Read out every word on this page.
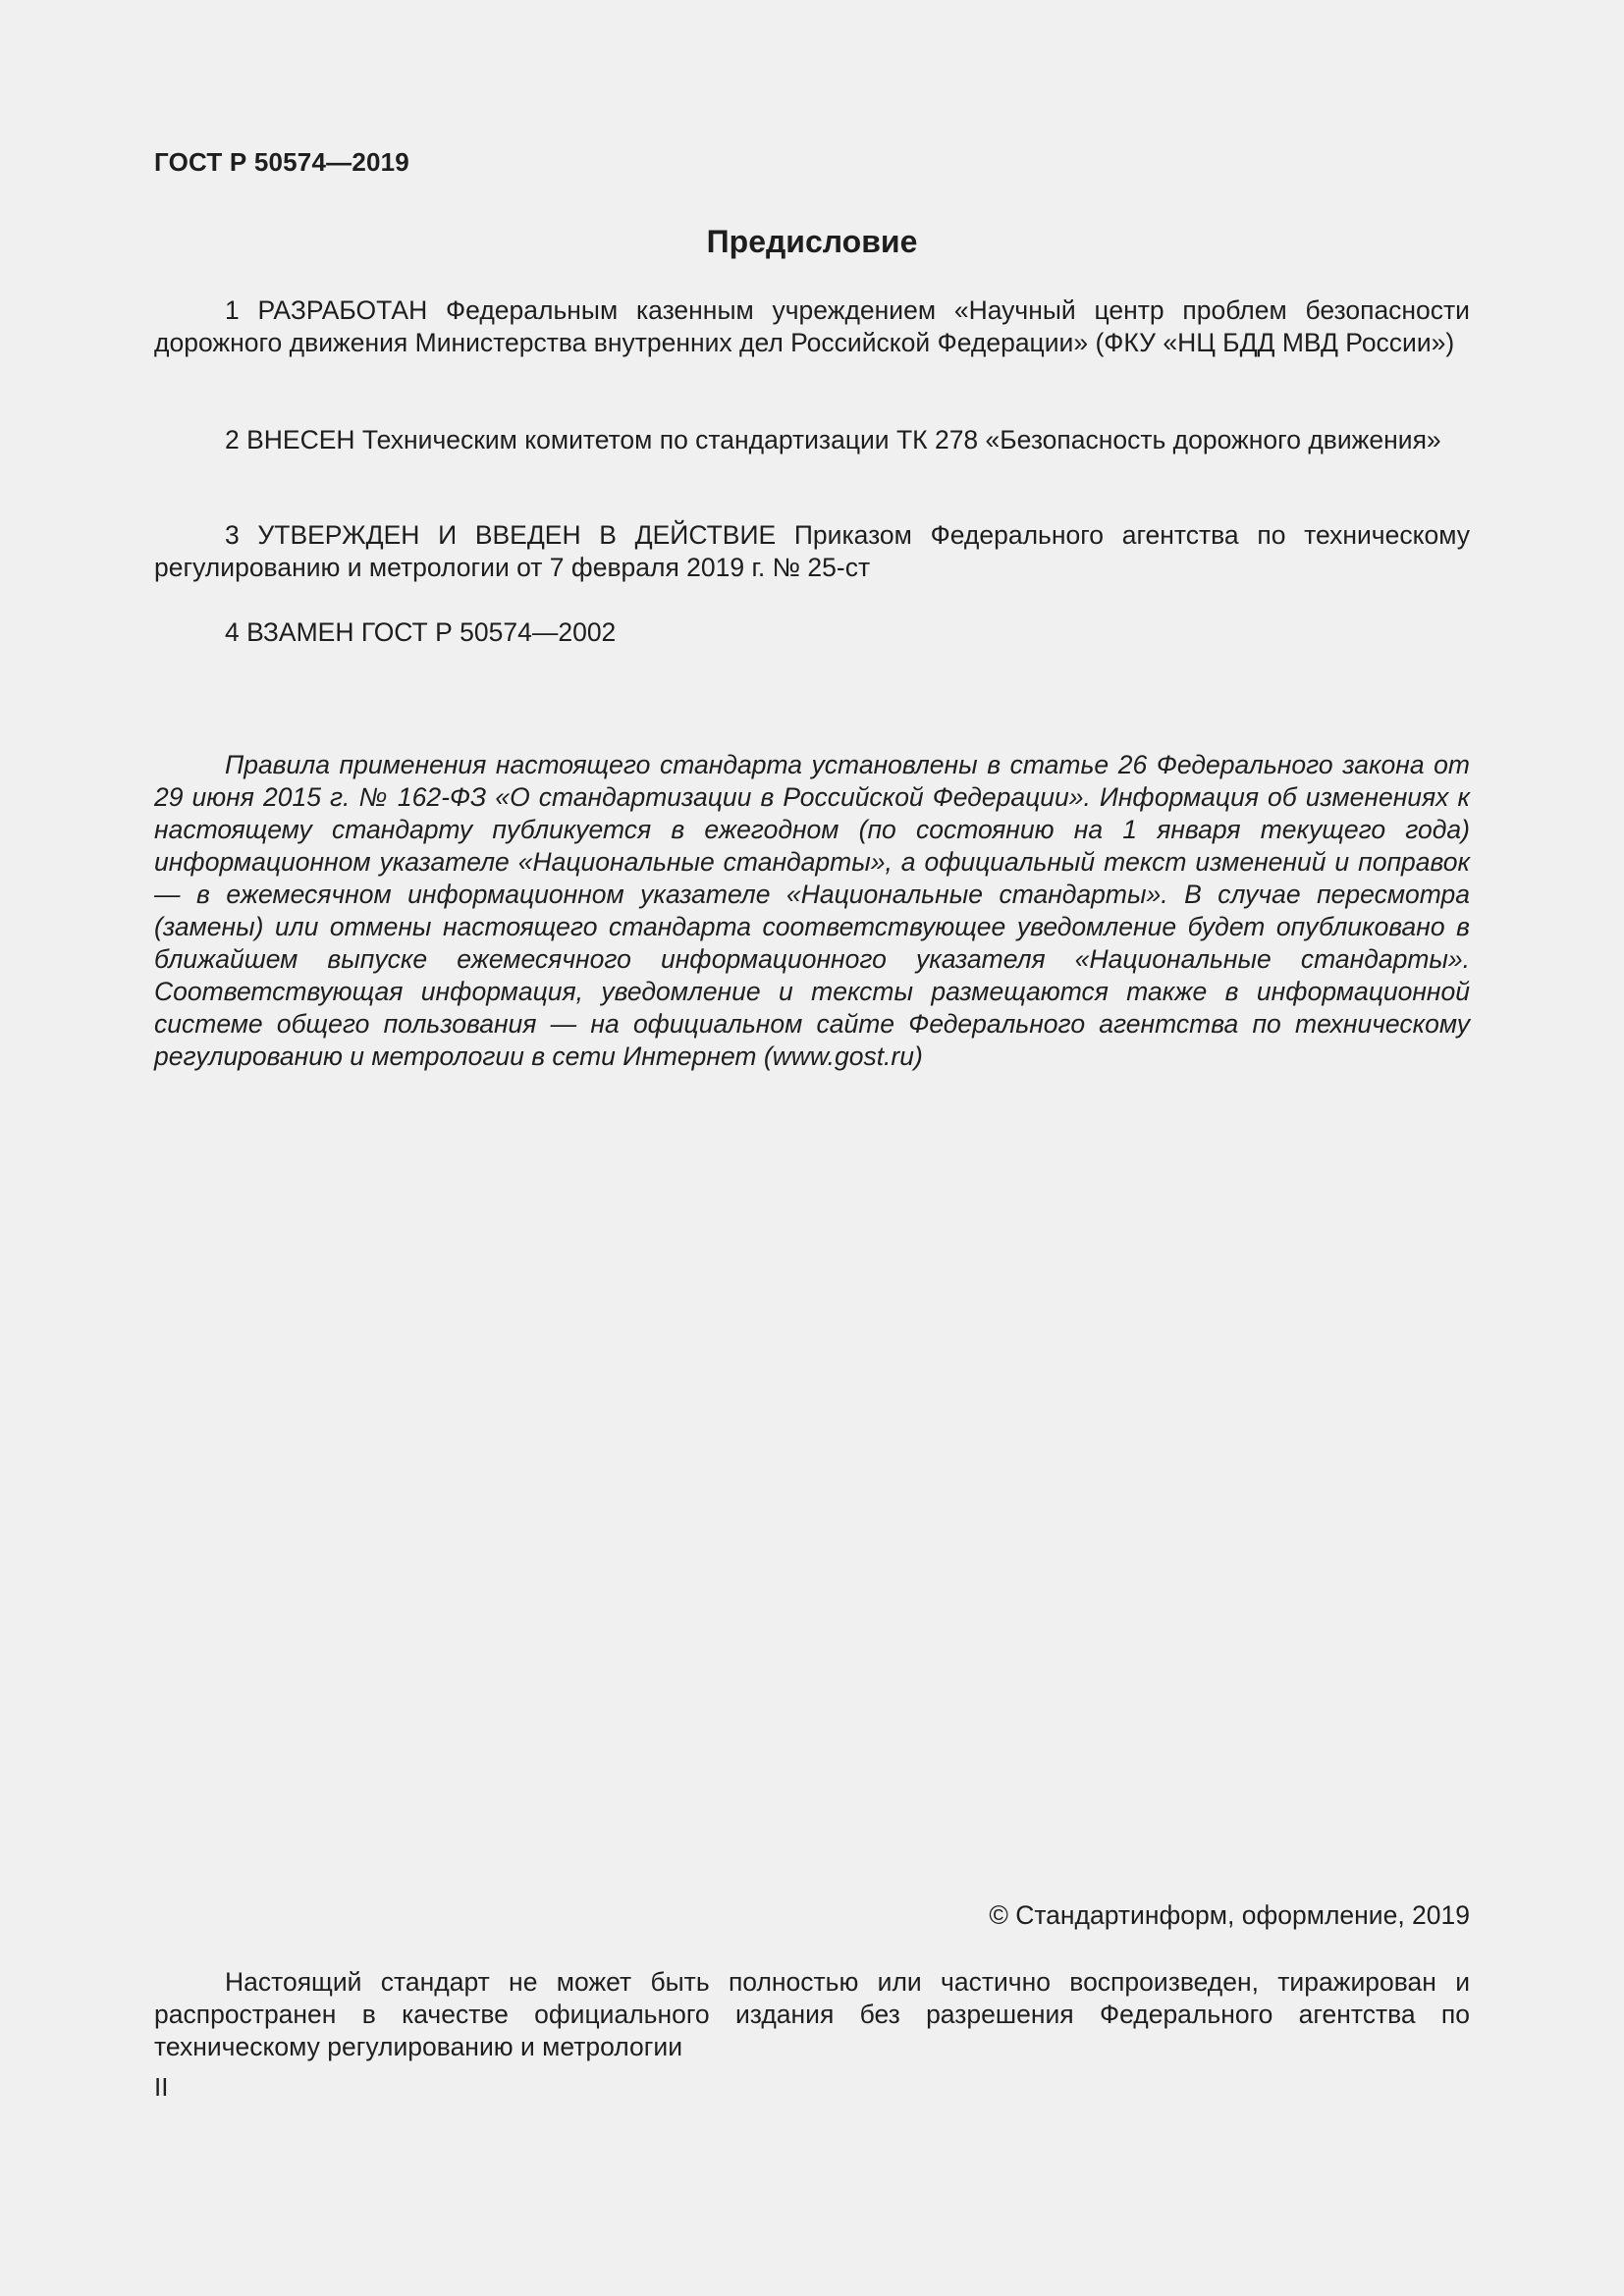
ГОСТ Р 50574—2019
Предисловие

1 РАЗРАБОТАН Федеральным казенным учреждением «Научный центр проблем безопасности дорожного движения Министерства внутренних дел Российской Федерации» (ФКУ «НЦ БДД МВД России»)

2 ВНЕСЕН Техническим комитетом по стандартизации ТК 278 «Безопасность дорожного движения»

3 УТВЕРЖДЕН И ВВЕДЕН В ДЕЙСТВИЕ Приказом Федерального агентства по техническому регулированию и метрологии от 7 февраля 2019 г. № 25-ст

4 ВЗАМЕН ГОСТ Р 50574—2002

Правила применения настоящего стандарта установлены в статье 26 Федерального закона от 29 июня 2015 г. № 162-ФЗ «О стандартизации в Российской Федерации». Информация об изменениях к настоящему стандарту публикуется в ежегодном (по состоянию на 1 января текущего года) информационном указателе «Национальные стандарты», а официальный текст изменений и поправок — в ежемесячном информационном указателе «Национальные стандарты». В случае пересмотра (замены) или отмены настоящего стандарта соответствующее уведомление будет опубликовано в ближайшем выпуске ежемесячного информационного указателя «Национальные стандарты». Соответствующая информация, уведомление и тексты размещаются также в информационной системе общего пользования — на официальном сайте Федерального агентства по техническому регулированию и метрологии в сети Интернет (www.gost.ru)

© Стандартинформ, оформление, 2019

Настоящий стандарт не может быть полностью или частично воспроизведен, тиражирован и распространен в качестве официального издания без разрешения Федерального агентства по техническому регулированию и метрологии

II
